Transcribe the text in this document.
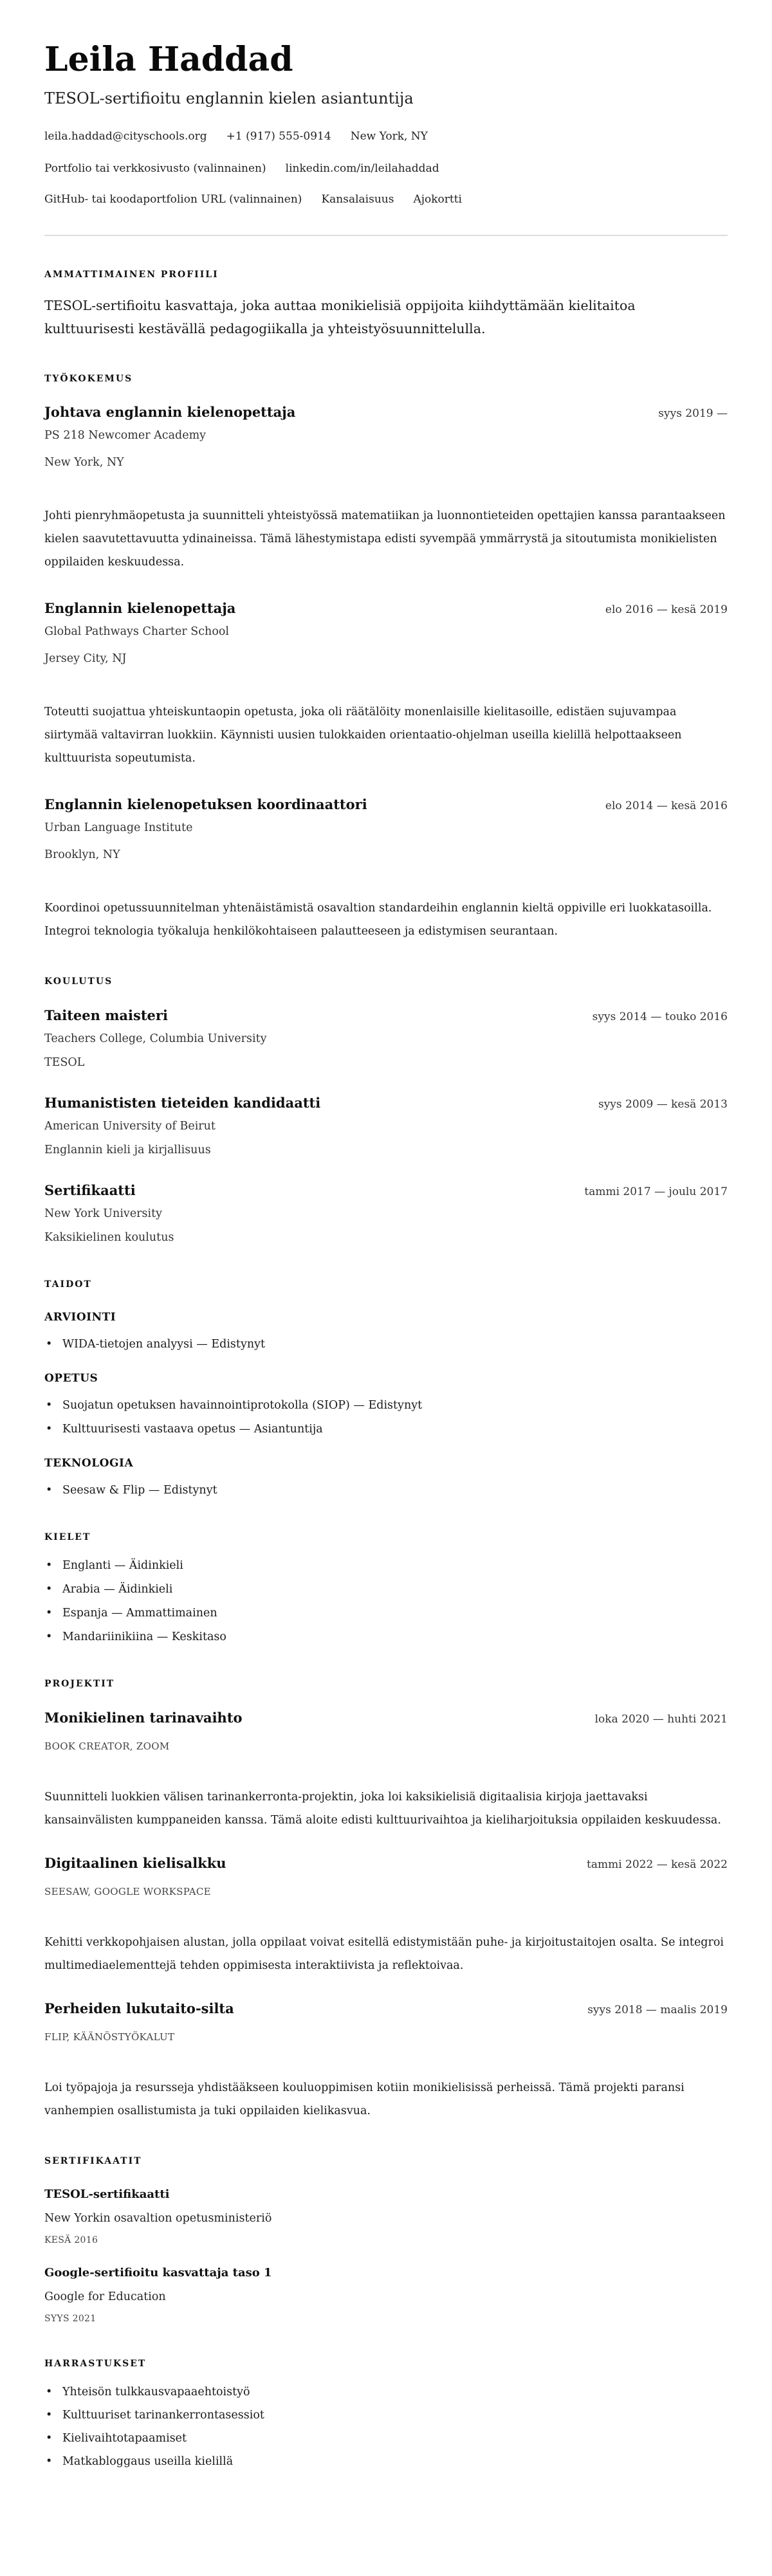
Leila Haddad
TESOL-sertifioitu englannin kielen asiantuntija
leila.haddad@cityschools.org +1 (917) 555-0914 New York, NY
Portfolio tai verkkosivusto (valinnainen) linkedin.com/in/leilahaddad
GitHub- tai koodaportfolion URL (valinnainen) Kansalaisuus Ajokortti
AMMATTIMAINEN PROFIILI

TESOL-sertifioitu kasvattaja, joka auttaa monikielisiä oppijoita kiihdyttämään kielitaitoa kulttuurisesti kestävällä pedagogiikalla ja yhteistyösuunnittelulla.

TYÖKOKEMUS
Johtava englannin kielenopettaja	syys 2019 —
PS 218 Newcomer Academy
New York, NY

Johti pienryhmäopetusta ja suunnitteli yhteistyössä matematiikan ja luonnontieteiden opettajien kanssa parantaakseen kielen saavutettavuutta ydinaineissa. Tämä lähestymistapa edisti syvempää ymmärrystä ja sitoutumista monikielisten oppilaiden keskuudessa.

Englannin kielenopettaja	elo 2016 — kesä 2019
Global Pathways Charter School
Jersey City, NJ

Toteutti suojattua yhteiskuntaopin opetusta, joka oli räätälöity monenlaisille kielitasoille, edistäen sujuvampaa siirtymää valtavirran luokkiin. Käynnisti uusien tulokkaiden orientaatio-ohjelman useilla kielillä helpottaakseen kulttuurista sopeutumista.

Englannin kielenopetuksen koordinaattori	elo 2014 — kesä 2016
Urban Language Institute
Brooklyn, NY

Koordinoi opetussuunnitelman yhtenäistämistä osavaltion standardeihin englannin kieltä oppiville eri luokkatasoilla. Integroi teknologia työkaluja henkilökohtaiseen palautteeseen ja edistymisen seurantaan.

KOULUTUS
Taiteen maisteri	syys 2014 — touko 2016
Teachers College, Columbia University
TESOL
Humanististen tieteiden kandidaatti	syys 2009 — kesä 2013
American University of Beirut
Englannin kieli ja kirjallisuus
Sertifikaatti	tammi 2017 — joulu 2017
New York University
Kaksikielinen koulutus
TAIDOT
ARVIOINTI
• WIDA-tietojen analyysi — Edistynyt
OPETUS
• Suojatun opetuksen havainnointiprotokolla (SIOP) — Edistynyt
• Kulttuurisesti vastaava opetus — Asiantuntija
TEKNOLOGIA
• Seesaw & Flip — Edistynyt
KIELET
• Englanti — Äidinkieli
• Arabia — Äidinkieli
• Espanja — Ammattimainen
• Mandariinikiina — Keskitaso
PROJEKTIT
Monikielinen tarinavaihto	loka 2020 — huhti 2021
BOOK CREATOR, ZOOM

Suunnitteli luokkien välisen tarinankerronta-projektin, joka loi kaksikielisiä digitaalisia kirjoja jaettavaksi kansainvälisten kumppaneiden kanssa. Tämä aloite edisti kulttuurivaihtoa ja kieliharjoituksia oppilaiden keskuudessa.

Digitaalinen kielisalkku	tammi 2022 — kesä 2022
SEESAW, GOOGLE WORKSPACE

Kehitti verkkopohjaisen alustan, jolla oppilaat voivat esitellä edistymistään puhe- ja kirjoitustaitojen osalta. Se integroi multimediaelementtejä tehden oppimisesta interaktiivista ja reflektoivaa.

Perheiden lukutaito-silta	syys 2018 — maalis 2019
FLIP, KÄÄNÖSTYÖKALUT

Loi työpajoja ja resursseja yhdistääkseen kouluoppimisen kotiin monikielisissä perheissä. Tämä projekti paransi vanhempien osallistumista ja tuki oppilaiden kielikasvua.

SERTIFIKAATIT
TESOL-sertifikaatti
New Yorkin osavaltion opetusministeriö
KESÄ 2016
Google-sertifioitu kasvattaja taso 1
Google for Education
SYYS 2021
HARRASTUKSET
• Yhteisön tulkkausvapaaehtoistyö
• Kulttuuriset tarinankerrontasessiot
• Kielivaihtotapaamiset
• Matkabloggaus useilla kielillä
